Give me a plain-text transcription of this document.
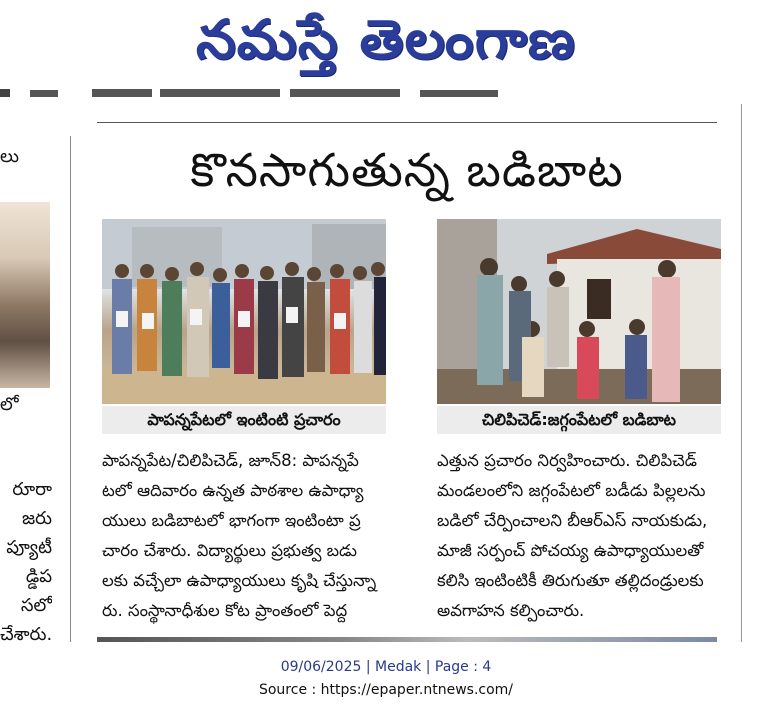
నమస్తే తెలంగాణ
లు
లో
రూరా
జరు
ప్యూటీ
డ్డిప
సలో
చేశారు.
కొనసాగుతున్న బడిబాట
పాపన్నపేటలో ఇంటింటి ప్రచారం	చిలిపిచెడ్:జగ్గంపేటలో బడిబాట
పాపన్నపేట/చిలిపిచెడ్, జూన్8: పాపన్నపే
టలో ఆదివారం ఉన్నత పాఠశాల ఉపాధ్యా
యులు బడిబాటలో భాగంగా ఇంటింటా ప్ర
చారం చేశారు. విద్యార్థులు ప్రభుత్వ బడు
లకు వచ్చేలా ఉపాధ్యాయులు కృషి చేస్తున్నా
రు. సంస్థానాధీశుల కోట ప్రాంతంలో పెద్ద
ఎత్తున ప్రచారం నిర్వహించారు. చిలిపిచెడ్
మండలంలోని జగ్గంపేటలో బడీడు పిల్లలను
బడిలో చేర్పించాలని బీఆర్ఎస్ నాయకుడు,
మాజీ సర్పంచ్ పోచయ్య ఉపాధ్యాయులతో
కలిసి ఇంటింటికీ తిరుగుతూ తల్లిదండ్రులకు
అవగాహన కల్పించారు.
09/06/2025 | Medak | Page : 4
Source : https://epaper.ntnews.com/
